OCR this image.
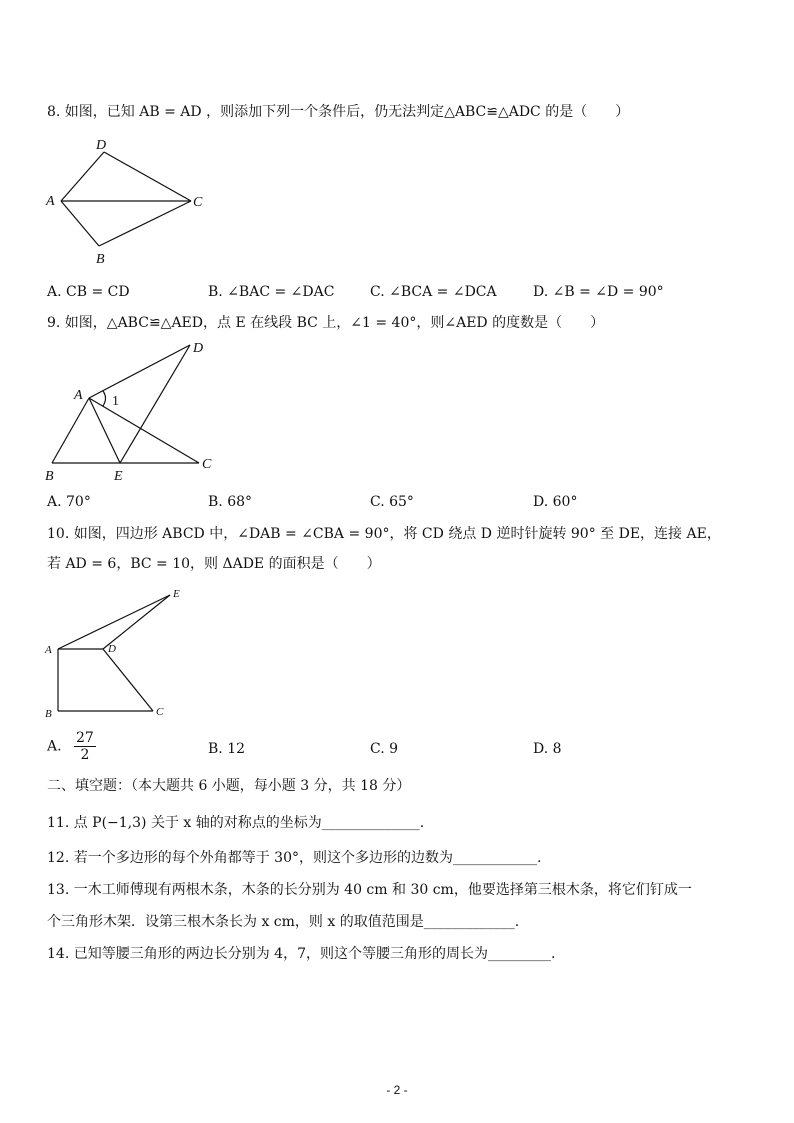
8. 如图，已知 AB = AD ，则添加下列一个条件后，仍无法判定△ABC≌△ADC 的是（　　）
D
A	C
B
A. CB = CD	B. ∠BAC = ∠DAC	C. ∠BCA = ∠DCA	D. ∠B = ∠D = 90°
9. 如图，△ABC≌△AED，点 E 在线段 BC 上，∠1 = 40°，则∠AED 的度数是（　　）
A 1
D
B	E
C
A. 70°	B. 68°	C. 65°	D. 60°
10. 如图，四边形 ABCD 中，∠DAB = ∠CBA = 90°，将 CD 绕点 D 逆时针旋转 90° 至 DE，连接 AE，
若 AD = 6，BC = 10，则 ΔADE 的面积是（　　）
A	D
E
B	C
A. $\frac{27}{2}$	B. 12	C. 9	D. 8
二、填空题：（本大题共 6 小题，每小题 3 分，共 18 分）
11. 点 P(−1,3) 关于 x 轴的对称点的坐标为______________.
12. 若一个多边形的每个外角都等于 30°，则这个多边形的边数为____________.
13. 一木工师傅现有两根木条，木条的长分别为 40 cm 和 30 cm，他要选择第三根木条，将它们钉成一
个三角形木架．设第三根木条长为 x cm，则 x 的取值范围是_____________.
14. 已知等腰三角形的两边长分别为 4，7，则这个等腰三角形的周长为_________.
- 2 -
